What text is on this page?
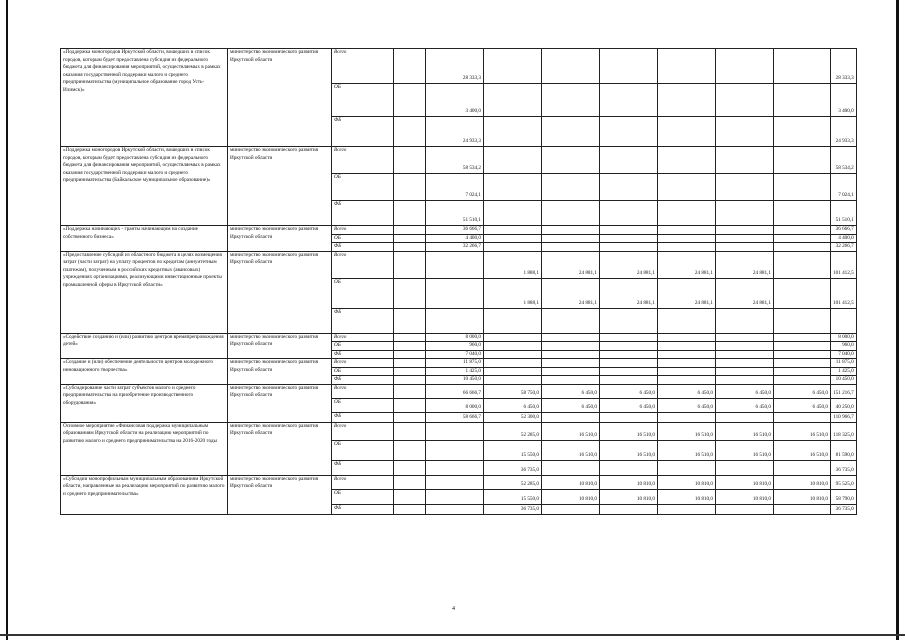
«Поддержка моногородов Иркутской области, вошедших в список городов, которым будет предоставлена субсидия из федерального бюджета для финансирования мероприятий, осуществляемых в рамках оказания государственной поддержки малого и среднего предпринимательства (муниципальное образование город Усть-Илимск)»	министерство экономического развития Иркутской области	Всего		28 333,3							28 333,3
		ОБ		3 400,0							3 400,0
		ФБ		24 933,3							24 933,3
«Поддержка моногородов Иркутской области, вошедших в список городов, которым будет предоставлена субсидия из федерального бюджета для финансирования мероприятий, осуществляемых в рамках оказания государственной поддержки малого и среднего предпринимательства (Байкальское муниципальное образование)»	министерство экономического развития Иркутской области	Всего		58 534,2							58 534,2
		ОБ		7 024,1							7 024,1
		ФБ		51 510,1							51 510,1
«Поддержка начинающих - гранты начинающим на создание собственного бизнеса»	министерство экономического развития Иркутской области	Всего		36 666,7							36 666,7
		ОБ		4 400,0							4 400,0
		ФБ		32 266,7							32 266,7
«Предоставление субсидий из областного бюджета в целях возмещения затрат (части затрат) на уплату процентов по кредитам (аннуитетным платежам), полученным в российских кредитных (авансовых) учреждениях организациями, реализующими инвестиционные проекты промышленной сферы в Иркутской области»	министерство экономического развития Иркутской области	Всего			1 888,1	24 881,1	24 881,1	24 881,1	24 881,1		101 412,5
		ОБ			1 888,1	24 881,1	24 881,1	24 881,1	24 881,1		101 412,5
		ФБ									
«Содействие созданию и (или) развитию центров времяпрепровождения детей»	министерство экономического развития Иркутской области	Всего		8 000,0							8 000,0
		ОБ		960,0							960,0
		ФБ		7 040,0							7 040,0
«Создание и (или) обеспечение деятельности центров молодежного инновационного творчества»	министерство экономического развития Иркутской области	Всего		11 875,0							11 875,0
		ОБ		1 425,0							1 425,0
		ФБ		10 450,0							10 450,0
«Субсидирование части затрат субъектов малого и среднего предпринимательства на приобретение производственного оборудования»	министерство экономического развития Иркутской области	Всего		66 666,7	58 750,0	6 450,0	6 450,0	6 450,0	6 450,0	6 450,0	151 216,7
		ОБ		8 000,0	6 450,0	6 450,0	6 450,0	6 450,0	6 450,0	6 450,0	40 250,0
		ФБ		58 666,7	52 300,0						110 966,7
Основное мероприятие «Финансовая поддержка муниципальным образованиям Иркутской области на реализацию мероприятий по развитию малого и среднего предпринимательства на 2016-2020 годы	министерство экономического развития Иркутской области	Всего			52 285,0	16 510,0	16 510,0	16 510,0	16 510,0	16 510,0	118 325,0
		ОБ			15 550,0	16 510,0	16 510,0	16 510,0	16 510,0	16 510,0	81 590,0
		ФБ			36 735,0						36 735,0
«Субсидии монопрофильным муниципальным образованиям Иркутской области, направленные на реализацию мероприятий по развитию малого и среднего предпринимательства»	министерство экономического развития Иркутской области	Всего			52 285,0	10 810,0	10 810,0	10 810,0	10 810,0	10 810,0	95 525,0
		ОБ			15 550,0	10 810,0	10 810,0	10 810,0	10 810,0	10 810,0	58 790,0
		ФБ			36 735,0						36 735,0
4
